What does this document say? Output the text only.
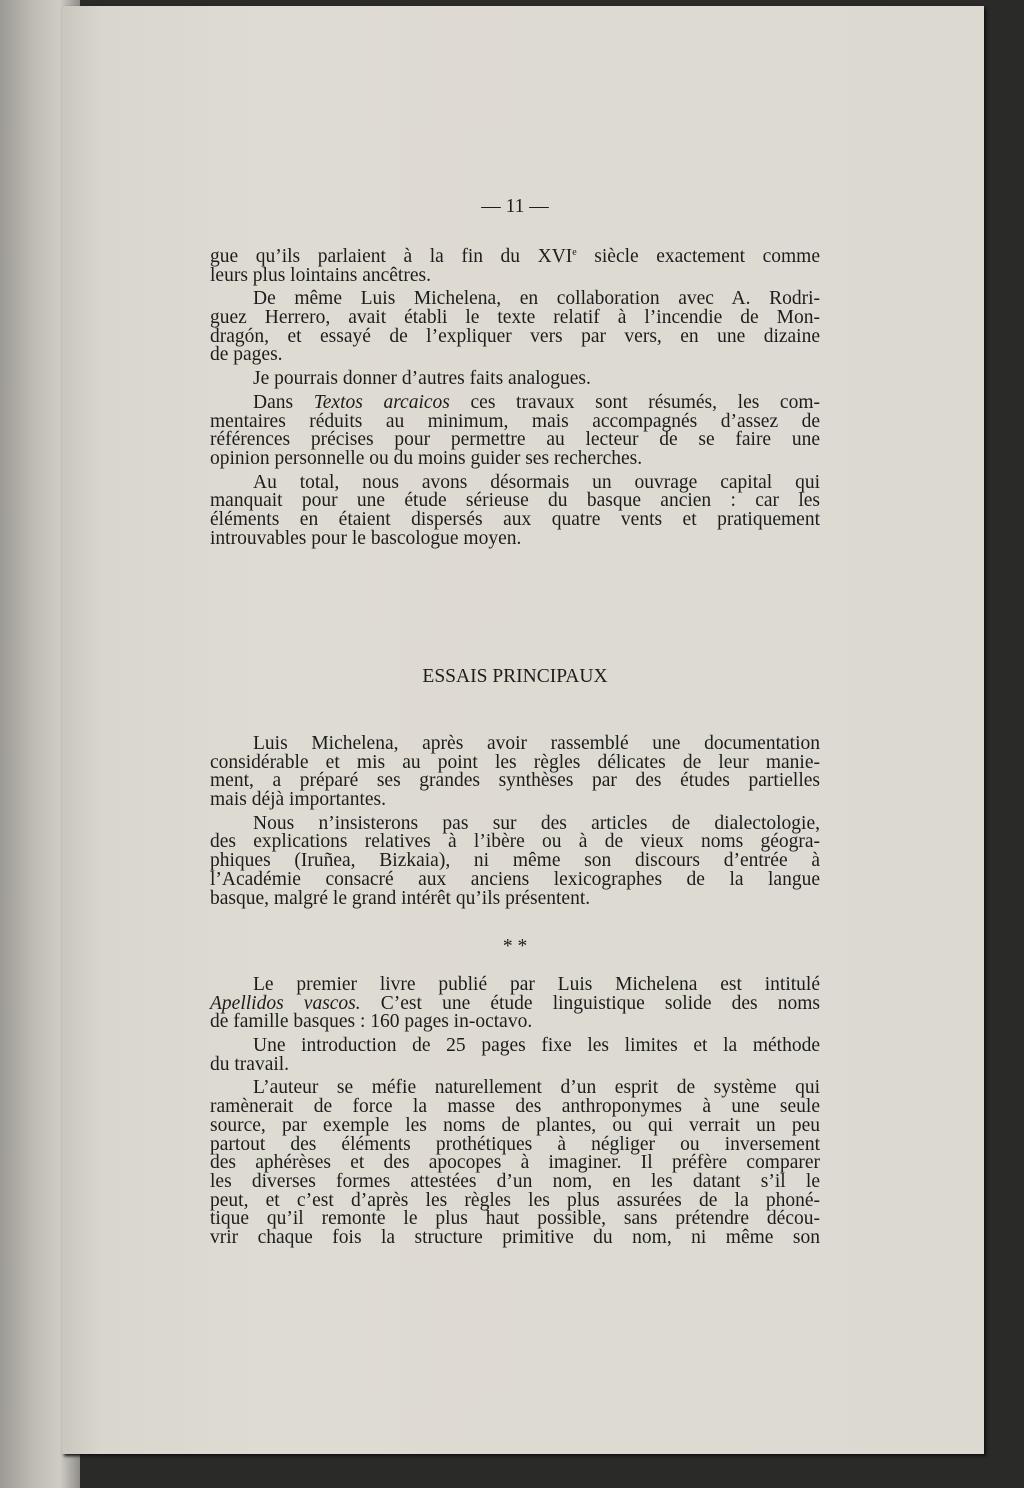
— 11 —
gue qu’ils parlaient à la fin du XVIe siècle exactement comme
leurs plus lointains ancêtres.
De même Luis Michelena, en collaboration avec A. Rodri-
guez Herrero, avait établi le texte relatif à l’incendie de Mon-
dragón, et essayé de l’expliquer vers par vers, en une dizaine
de pages.
Je pourrais donner d’autres faits analogues.
Dans Textos arcaicos ces travaux sont résumés, les com-
mentaires réduits au minimum, mais accompagnés d’assez de
références précises pour permettre au lecteur de se faire une
opinion personnelle ou du moins guider ses recherches.
Au total, nous avons désormais un ouvrage capital qui
manquait pour une étude sérieuse du basque ancien : car les
éléments en étaient dispersés aux quatre vents et pratiquement
introuvables pour le bascologue moyen.
ESSAIS PRINCIPAUX
Luis Michelena, après avoir rassemblé une documentation
considérable et mis au point les règles délicates de leur manie-
ment, a préparé ses grandes synthèses par des études partielles
mais déjà importantes.
Nous n’insisterons pas sur des articles de dialectologie,
des explications relatives à l’ibère ou à de vieux noms géogra-
phiques (Iruñea, Bizkaia), ni même son discours d’entrée à
l’Académie consacré aux anciens lexicographes de la langue
basque, malgré le grand intérêt qu’ils présentent.
* *
Le premier livre publié par Luis Michelena est intitulé
Apellidos vascos. C’est une étude linguistique solide des noms
de famille basques : 160 pages in-octavo.
Une introduction de 25 pages fixe les limites et la méthode
du travail.
L’auteur se méfie naturellement d’un esprit de système qui
ramènerait de force la masse des anthroponymes à une seule
source, par exemple les noms de plantes, ou qui verrait un peu
partout des éléments prothétiques à négliger ou inversement
des aphérèses et des apocopes à imaginer. Il préfère comparer
les diverses formes attestées d’un nom, en les datant s’il le
peut, et c’est d’après les règles les plus assurées de la phoné-
tique qu’il remonte le plus haut possible, sans prétendre décou-
vrir chaque fois la structure primitive du nom, ni même son
